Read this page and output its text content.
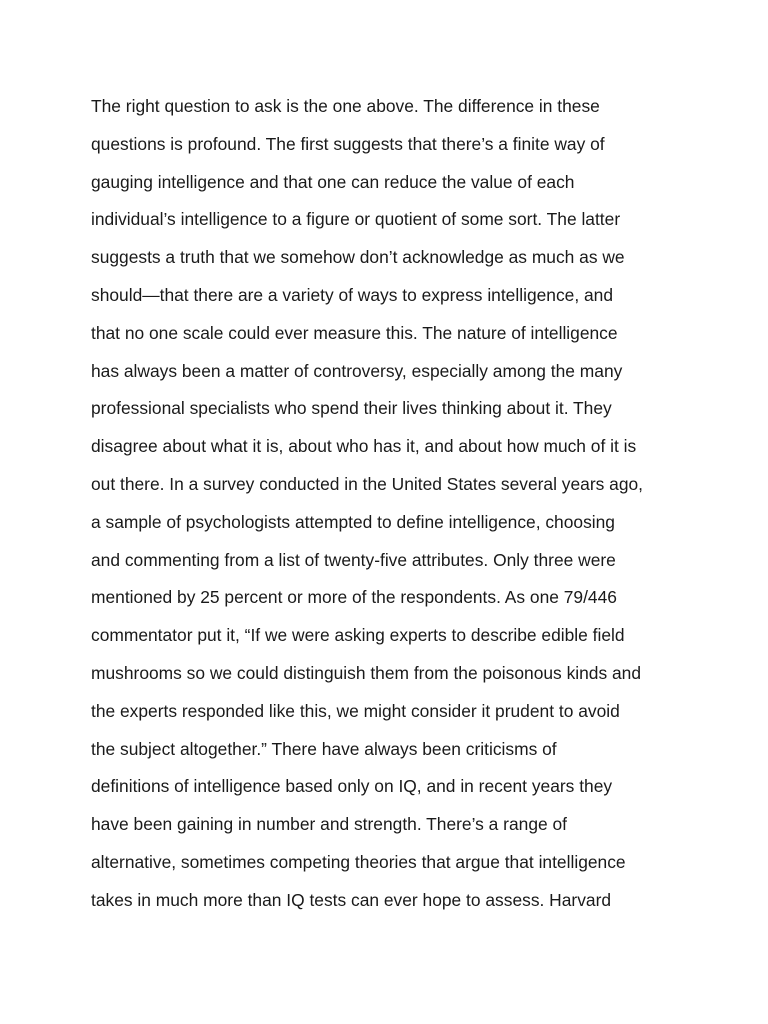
The right question to ask is the one above. The difference in these
questions is profound. The first suggests that there’s a finite way of
gauging intelligence and that one can reduce the value of each
individual’s intelligence to a figure or quotient of some sort. The latter
suggests a truth that we somehow don’t acknowledge as much as we
should—that there are a variety of ways to express intelligence, and
that no one scale could ever measure this. The nature of intelligence
has always been a matter of controversy, especially among the many
professional specialists who spend their lives thinking about it. They
disagree about what it is, about who has it, and about how much of it is
out there. In a survey conducted in the United States several years ago,
a sample of psychologists attempted to define intelligence, choosing
and commenting from a list of twenty-five attributes. Only three were
mentioned by 25 percent or more of the respondents. As one 79/446
commentator put it, “If we were asking experts to describe edible field
mushrooms so we could distinguish them from the poisonous kinds and
the experts responded like this, we might consider it prudent to avoid
the subject altogether.” There have always been criticisms of
definitions of intelligence based only on IQ, and in recent years they
have been gaining in number and strength. There’s a range of
alternative, sometimes competing theories that argue that intelligence
takes in much more than IQ tests can ever hope to assess. Harvard
